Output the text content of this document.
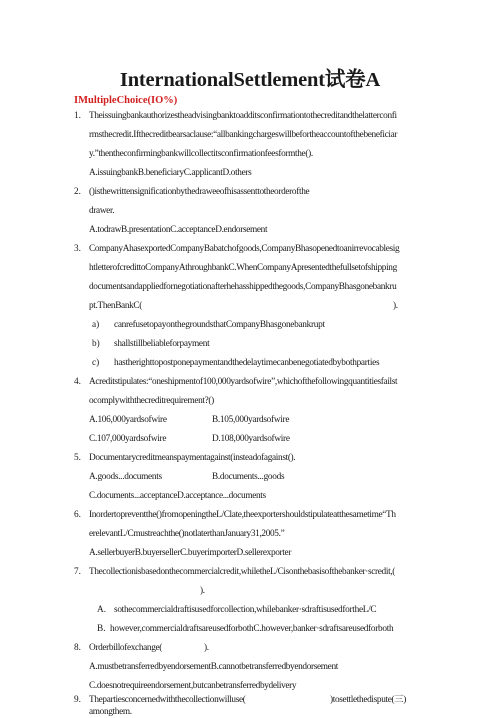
InternationalSettlement试卷A
IMultipleChoice(IO%)
1. Theissuingbankauthorizestheadvisingbanktoadditsconfirmationtothecreditandthelatterconfi
rmsthecredit.Ifthecreditbearsaclause:“allbankingchargeswillbefortheaccountofthebeneficiar
y.”thentheconfirmingbankwillcollectitsconfirmationfeesformthe().
A.issuingbankB.beneficiaryC.applicantD.others
2. ()isthewrittensignificationbythedraweeofhisassenttotheorderofthe
drawer.
A.todrawB.presentationC.acceptanceD.endorsement
3. CompanyAhasexportedCompanyBabatchofgoods,CompanyBhasopenedtoanirrevocablesig
htletterofcredittoCompanyAthroughbankC.WhenCompanyApresentedthefullsetofshipping
documentsandappliedfornegotiationafterhehasshippedthegoods,CompanyBhasgonebankru
pt.ThenBankC(	).
a) canrefusetopayonthegroundsthatCompanyBhasgonebankrupt
b) shallstillbeliableforpayment
c) hastherighttopostponepaymentandthedelaytimecanbenegotiatedbybothparties
4. Acreditstipulates:“oneshipmentof100,000yardsofwire”,whichofthefollowingquantitiesfailst
ocomplywiththecreditrequirement?()
A.106,000yardsofwire	B.105,000yardsofwire
C.107,000yardsofwire	D.108,000yardsofwire
5. Documentarycreditmeanspaymentagainst(insteadofagainst().
A.goods...documents	B.documents...goods
C.documents...acceptanceD.acceptance...documents
6. Inordertopreventthe()fromopeningtheL/Clate,theexportershouldstipulateatthesametime“Th
erelevantL/Cmustreachthe()notlaterthanJanuary31,2005.”
A.sellerbuyerB.buyersellerC.buyerimporterD.sellerexporter
7. Thecollectionisbasedonthecommercialcredit,whiletheL/Cisonthebasisofthebanker·scredit,(
).
A. sothecommercialdraftisusedforcollection,whilebanker·sdraftisusedfortheL/C
B. however,commercialdraftsareusedforbothC.however,banker·sdraftsareusedforboth
8. Orderbillofexchange(	).
A.mustbetransferredbyendorsementB.cannotbetransferredbyendorsement
C.doesnotrequireendorsement,butcanbetransferredbydelivery
9. Thepartiesconcernedwiththecollectionwilluse(	)tosettlethedispute(三)
amongthem.
